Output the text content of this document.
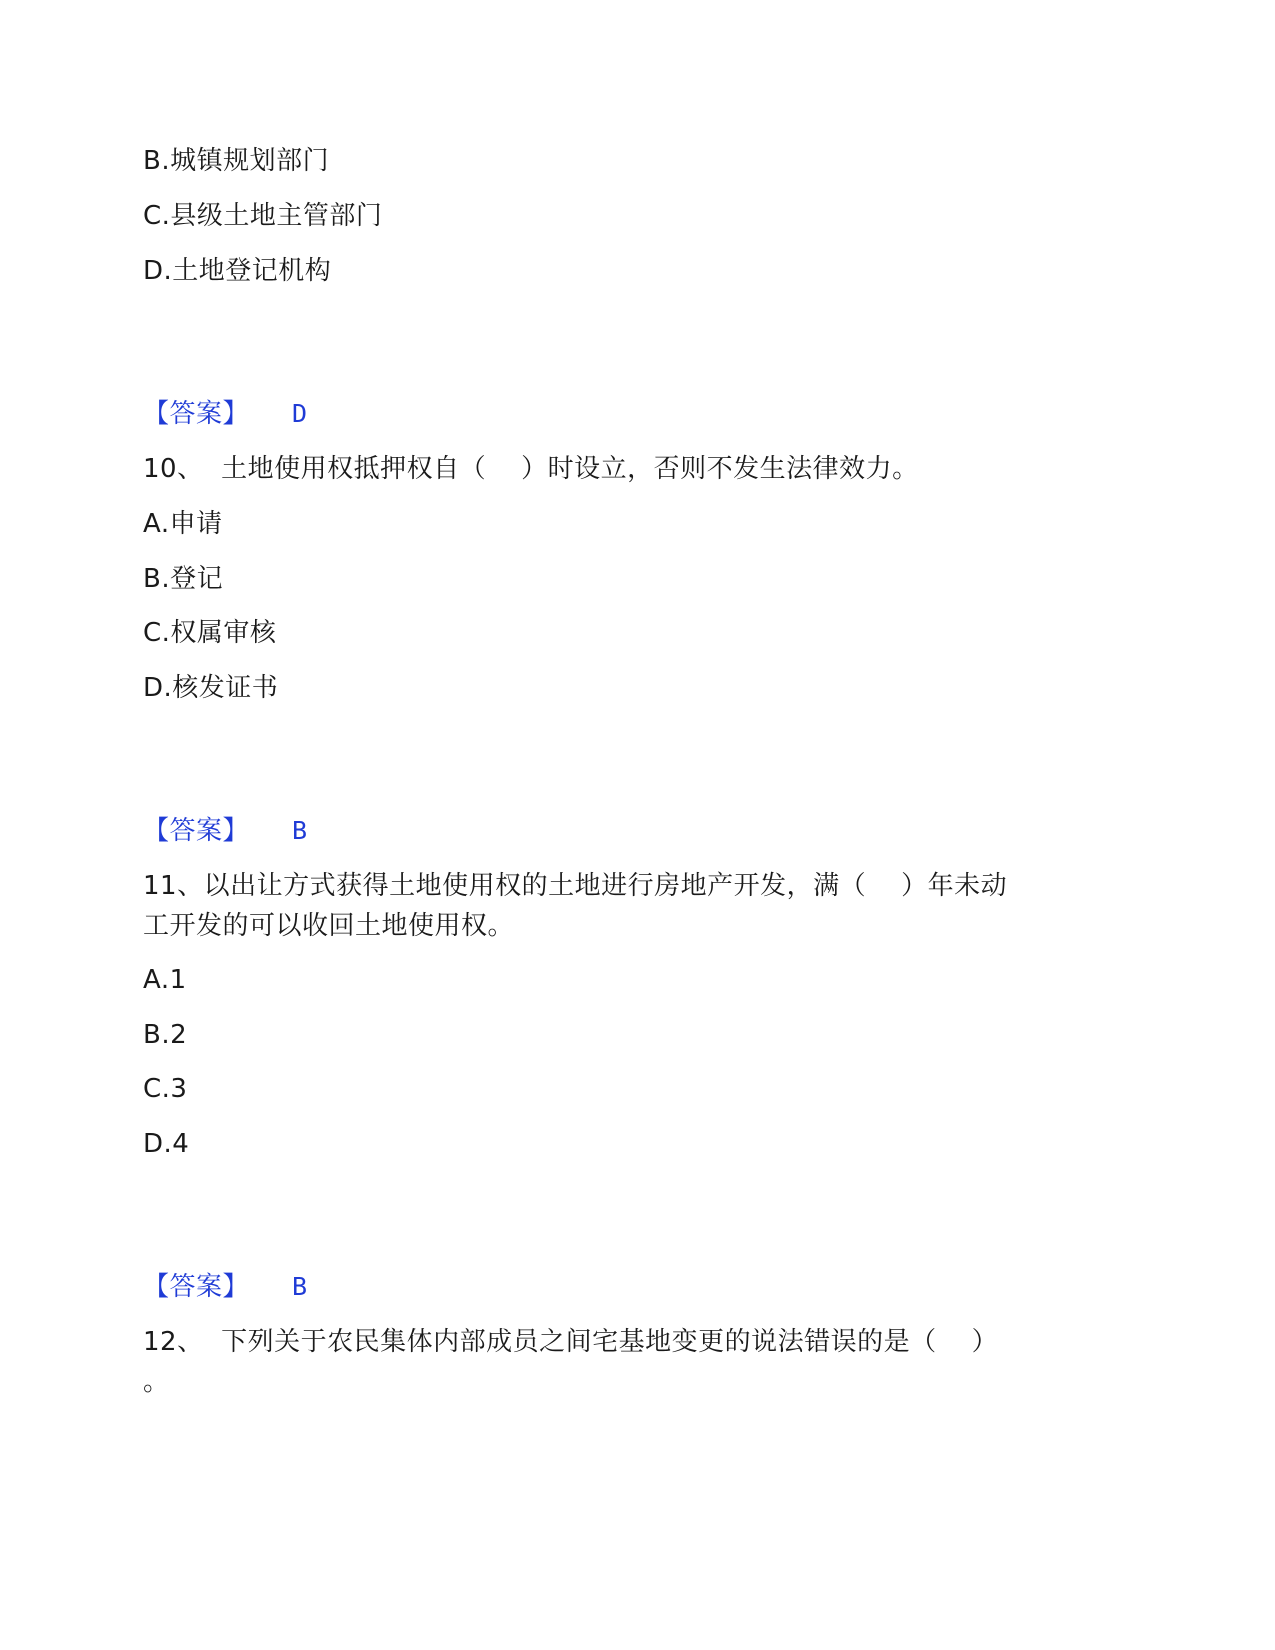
B.城镇规划部门
C.县级土地主管部门
D.土地登记机构
【答案】 D
10、  土地使用权抵押权自（    ）时设立，否则不发生法律效力。
A.申请
B.登记
C.权属审核
D.核发证书
【答案】 B
11、以出让方式获得土地使用权的土地进行房地产开发，满（    ）年未动
工开发的可以收回土地使用权。
A.1
B.2
C.3
D.4
【答案】 B
12、  下列关于农民集体内部成员之间宅基地变更的说法错误的是（    ）
。
